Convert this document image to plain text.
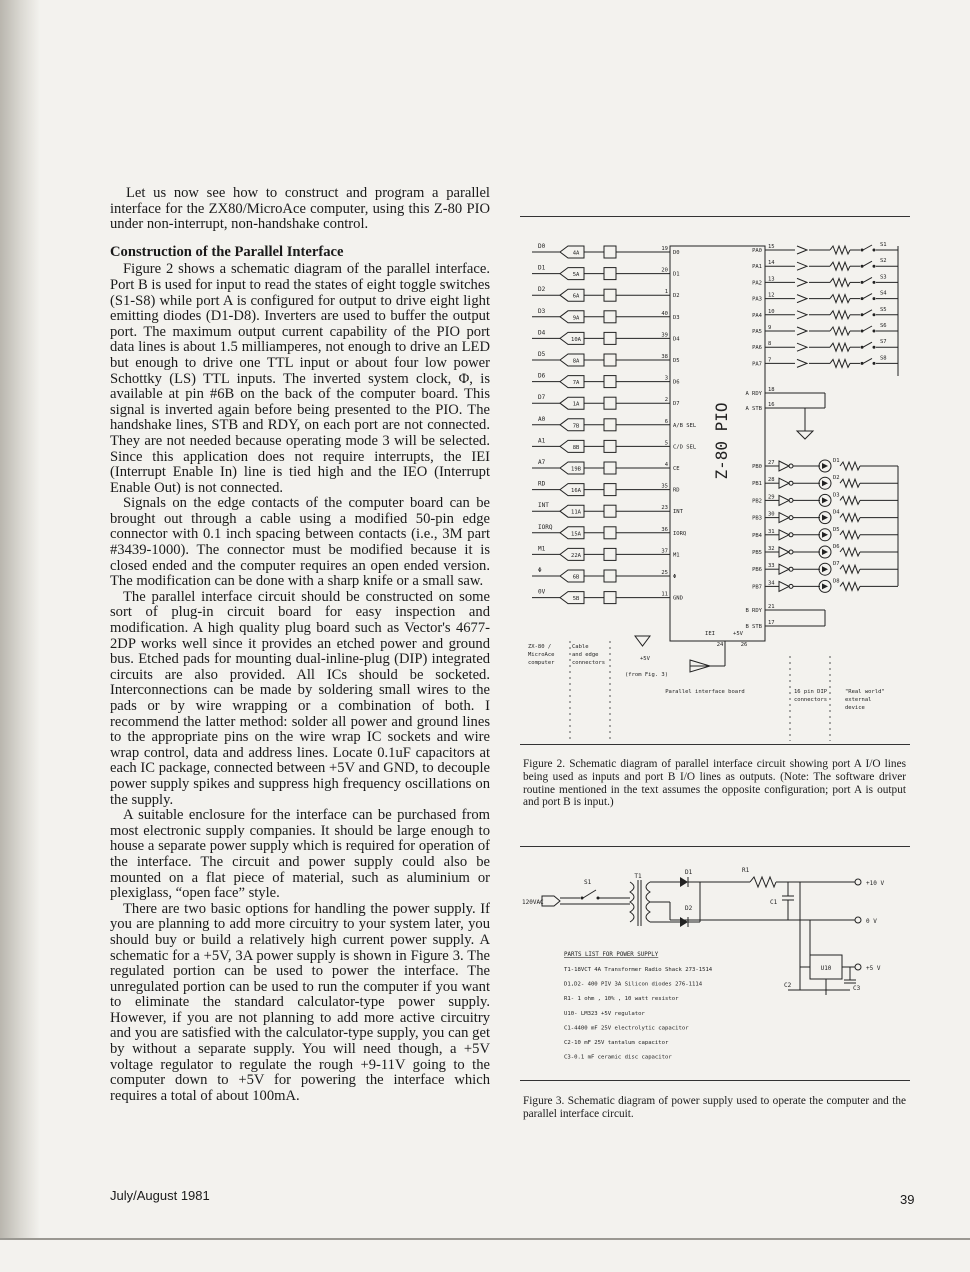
Let us now see how to construct and program a parallel interface for the ZX80/MicroAce computer, using this Z-80 PIO under non-interrupt, non-handshake control.

Construction of the Parallel Interface

Figure 2 shows a schematic diagram of the parallel interface. Port B is used for input to read the states of eight toggle switches (S1-S8) while port A is configured for output to drive eight light emitting diodes (D1-D8). Inverters are used to buffer the output port. The maximum output current capability of the PIO port data lines is about 1.5 milliamperes, not enough to drive an LED but enough to drive one TTL input or about four low power Schottky (LS) TTL inputs. The inverted system clock, Φ, is available at pin #6B on the back of the computer board. This signal is inverted again before being presented to the PIO. The handshake lines, STB and RDY, on each port are not connected. They are not needed because operating mode 3 will be selected. Since this application does not require interrupts, the IEI (Interrupt Enable In) line is tied high and the IEO (Interrupt Enable Out) is not connected.

Signals on the edge contacts of the computer board can be brought out through a cable using a modified 50-pin edge connector with 0.1 inch spacing between contacts (i.e., 3M part #3439-1000). The connector must be modified because it is closed ended and the computer requires an open ended version. The modification can be done with a sharp knife or a small saw.

The parallel interface circuit should be constructed on some sort of plug-in circuit board for easy inspection and modification. A high quality plug board such as Vector's 4677-2DP works well since it provides an etched power and ground bus. Etched pads for mounting dual-inline-plug (DIP) integrated circuits are also provided. All ICs should be socketed. Interconnections can be made by soldering small wires to the pads or by wire wrapping or a combination of both. I recommend the latter method: solder all power and ground lines to the appropriate pins on the wire wrap IC sockets and wire wrap control, data and address lines. Locate 0.1uF capacitors at each IC package, connected between +5V and GND, to decouple power supply spikes and suppress high frequency oscillations on the supply.

A suitable enclosure for the interface can be purchased from most electronic supply companies. It should be large enough to house a separate power supply which is required for operation of the interface. The circuit and power supply could also be mounted on a flat piece of material, such as aluminium or plexiglass, “open face” style.

There are two basic options for handling the power supply. If you are planning to add more circuitry to your system later, you should buy or build a relatively high current power supply. A schematic for a +5V, 3A power supply is shown in Figure 3. The regulated portion can be used to power the interface. The unregulated portion can be used to run the computer if you want to eliminate the standard calculator-type power supply. However, if you are not planning to add more active circuitry and you are satisfied with the calculator-type supply, you can get by without a separate supply. You will need though, a +5V voltage regulator to regulate the rough +9-11V going to the computer down to +5V for powering the interface which requires a total of about 100mA.

July/August 1981	39
Z-80 PIO
D0
4A
19
D0
D1
5A
20
D1
D2
6A
1
D2
D3
9A
40
D3
D4
10A
39
D4
D5
8A
38
D5
D6
7A
3
D6
D7
1A
2
D7
A0
7B
6
A/B SEL
A1
8B
5
C/D SEL
A7
19B
4
CE
RD
16A
35
RD
INT
11A
23
INT
IORQ
15A
36
IORQ
M1
22A
37
M1
Φ
6B
25
Φ
0V
5B
11
GND
PA0
15	S1
PA1
14	S2
PA2
13	S3
PA3
12	S4
PA4
10	S5
PA5
9	S6
PA6
8	S7
PA7
7	S8
A RDY
18
A STB
16
PB0
27	D1
PB1
28	D2
PB2
29	D3
PB3
30	D4
PB4
31	D5
PB5
32	D6
PB6
33	D7
PB7
34	D8
B RDY
21
B STB
17
IEI	+5V
24	26
+5V
(from Fig. 3)
ZX-80 /
MicroAce
computer
Cable
and edge
connectors
Parallel interface board	16 pin DIP
connectors
"Real world"
external
device
Figure 2. Schematic diagram of parallel interface circuit showing port A I/O lines being used as inputs and port B I/O lines as outputs. (Note: The software driver routine mentioned in the text assumes the opposite configuration; port A is output and port B is input.)
120VAC
S1
T1
D1
D2
R1
C1
+10 V
0 V
U10	+5 V
C2	C3
PARTS LIST FOR POWER SUPPLY
T1-18VCT 4A Transformer Radio Shack 273-1514
D1,D2- 400 PIV 3A Silicon diodes 276-1114
R1- 1 ohm , 10% , 10 watt resistor
U10- LM323 +5V regulator
C1-4400 mF 25V electrolytic capacitor
C2-10 mF 25V tantalum capacitor
C3-0.1 mF ceramic disc capacitor
Figure 3. Schematic diagram of power supply used to operate the computer and the parallel interface circuit.
